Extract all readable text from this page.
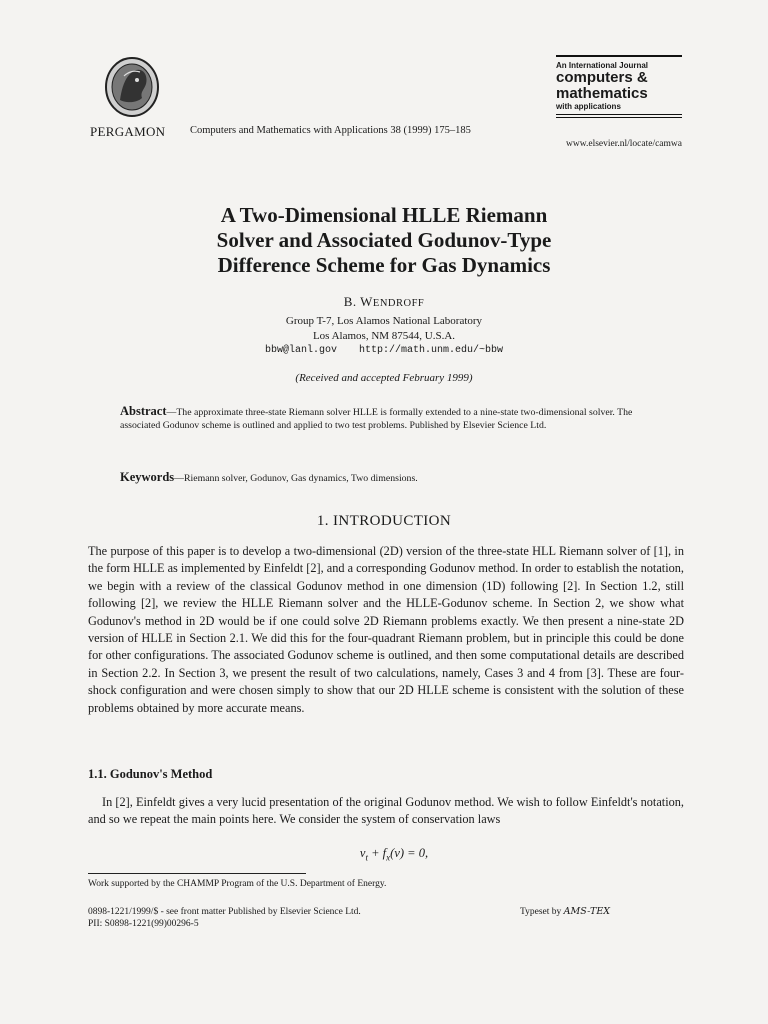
PERGAMON Computers and Mathematics with Applications 38 (1999) 175–185
An International Journal
computers &
mathematics
with applications
www.elsevier.nl/locate/camwa
A Two-Dimensional HLLE Riemann
Solver and Associated Godunov-Type
Difference Scheme for Gas Dynamics
B. WENDROFF
Group T-7, Los Alamos National Laboratory
Los Alamos, NM 87544, U.S.A.
bbw@lanl.gov http://math.unm.edu/~bbw
(Received and accepted February 1999)
Abstract—The approximate three-state Riemann solver HLLE is formally extended to a nine-state two-dimensional solver. The associated Godunov scheme is outlined and applied to two test problems. Published by Elsevier Science Ltd.
Keywords—Riemann solver, Godunov, Gas dynamics, Two dimensions.
1. INTRODUCTION
The purpose of this paper is to develop a two-dimensional (2D) version of the three-state HLL Riemann solver of [1], in the form HLLE as implemented by Einfeldt [2], and a corresponding Godunov method. In order to establish the notation, we begin with a review of the classical Godunov method in one dimension (1D) following [2]. In Section 1.2, still following [2], we review the HLLE Riemann solver and the HLLE-Godunov scheme. In Section 2, we show what Godunov's method in 2D would be if one could solve 2D Riemann problems exactly. We then present a nine-state 2D version of HLLE in Section 2.1. We did this for the four-quadrant Riemann problem, but in principle this could be done for other configurations. The associated Godunov scheme is outlined, and then some computational details are described in Section 2.2. In Section 3, we present the result of two calculations, namely, Cases 3 and 4 from [3]. These are four-shock configuration and were chosen simply to show that our 2D HLLE scheme is consistent with the solution of these problems obtained by more accurate means.
1.1. Godunov's Method
In [2], Einfeldt gives a very lucid presentation of the original Godunov method. We wish to follow Einfeldt's notation, and so we repeat the main points here. We consider the system of conservation laws
$v_t + f_x(v) = 0$,
Work supported by the CHAMMP Program of the U.S. Department of Energy.
0898-1221/1999/$ - see front matter Published by Elsevier Science Ltd.
PII: S0898-1221(99)00296-5
Typeset by AMS-TEX
